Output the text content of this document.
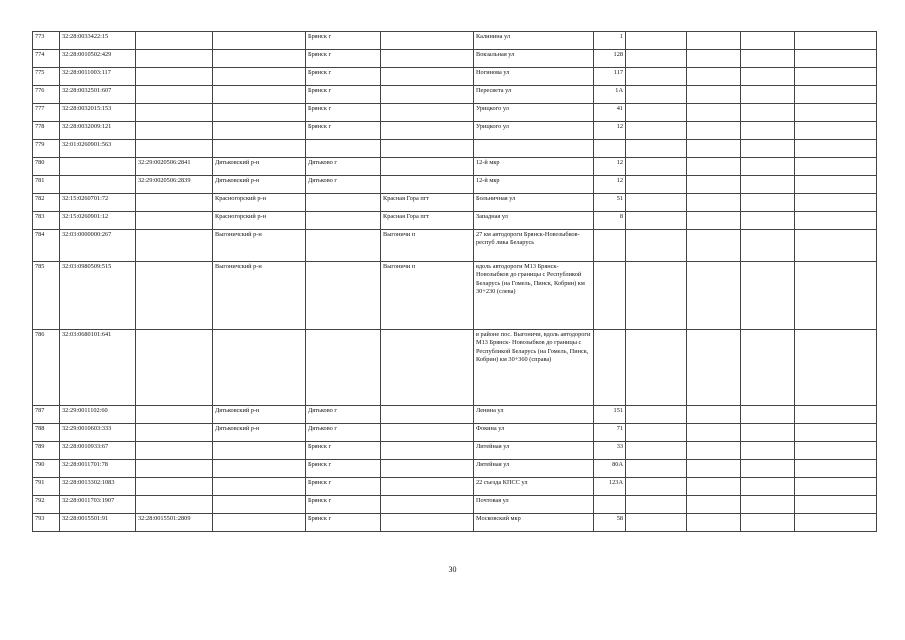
773	32:28:0033422:15			Брянск г		Калинина ул	1				
774	32:28:0010502:429			Брянск г		Вокзальная ул	128				
775	32:28:0011003:117			Брянск г		Ногинова ул	117				
776	32:28:0032501:607			Брянск г		Пересвета ул	1А				
777	32:28:0032015:153			Брянск г		Урицкого ул	41				
778	32:28:0032009:121			Брянск г		Урицкого ул	12				
779	32:01:0260901:563										
780		32:29:0020506:2841	Дятьковский р-н	Дятьково г		12-й мкр	12				
781		32:29:0020506:2839	Дятьковский р-н	Дятьково г		12-й мкр	12				
782	32:15:0260701:72		Красногорский р-н		Красная Гора пгт	Больничная ул	51				
783	32:15:0260901:12		Красногорский р-н		Красная Гора пгт	Западная ул	8				
784	32:03:0000000:267		Выгоничский р-н		Выгоничи п	27 км автодороги Брянск-Новозыбков-респуб лика Беларусь					
785	32:03:0980509:515		Выгоничский р-н		Выгоничи п	вдоль автодороги М13 Брянск- Новозыбков до границы с Республикой Беларусь (на Гомель, Пинск, Кобрин) км 30+230 (слева)					
786	32:03:0680101:641					в районе пос. Выгоничи, вдоль автодороги М13 Брянск- Новозыбков до границы с Республикой Беларусь (на Гомель, Пинск, Кобрин) км 30+360 (справа)					
787	32:29:0011102:60		Дятьковский р-н	Дятьково г		Ленина ул	151				
788	32:29:0010603:333		Дятьковский р-н	Дятьково г		Фокина ул	71				
789	32:28:0010933:67			Брянск г		Литейная ул	33				
790	32:28:0011701:78			Брянск г		Литейная ул	80А				
791	32:28:0013302:1083			Брянск г		22 съезда КПСС ул	123А				
792	32:28:0011703:1907			Брянск г		Почтовая ул					
793	32:28:0015501:91	32:28:0015501:2809		Брянск г		Московский мкр	58				
30
